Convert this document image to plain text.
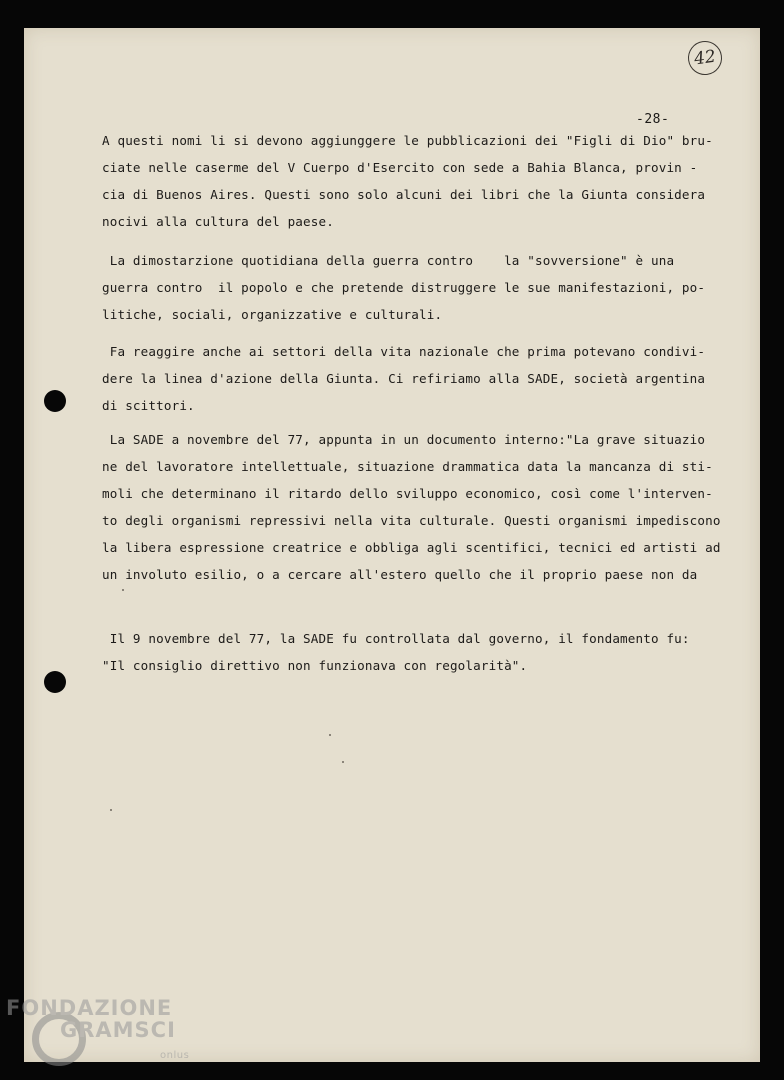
42
-28-
A questi nomi li si devono aggiunggere le pubblicazioni dei "Figli di Dio" bru-
ciate nelle caserme del V Cuerpo d'Esercito con sede a Bahia Blanca, provin -
cia di Buenos Aires. Questi sono solo alcuni dei libri che la Giunta considera
nocivi alla cultura del paese.
La dimostarzione quotidiana della guerra contro    la "sovversione" è una
guerra contro  il popolo e che pretende distruggere le sue manifestazioni, po-
litiche, sociali, organizzative e culturali.
Fa reaggire anche ai settori della vita nazionale che prima potevano condivi-
dere la linea d'azione della Giunta. Ci refiriamo alla SADE, società argentina
di scittori.
La SADE a novembre del 77, appunta in un documento interno:"La grave situazio
ne del lavoratore intellettuale, situazione drammatica data la mancanza di sti-
moli che determinano il ritardo dello sviluppo economico, così come l'interven-
to degli organismi repressivi nella vita culturale. Questi organismi impediscono
la libera espressione creatrice e obbliga agli scentifici, tecnici ed artisti ad
un involuto esilio, o a cercare all'estero quello che il proprio paese non da
Il 9 novembre del 77, la SADE fu controllata dal governo, il fondamento fu:
"Il consiglio direttivo non funzionava con regolarità".
FONDAZIONE
GRAMSCI
onlus
